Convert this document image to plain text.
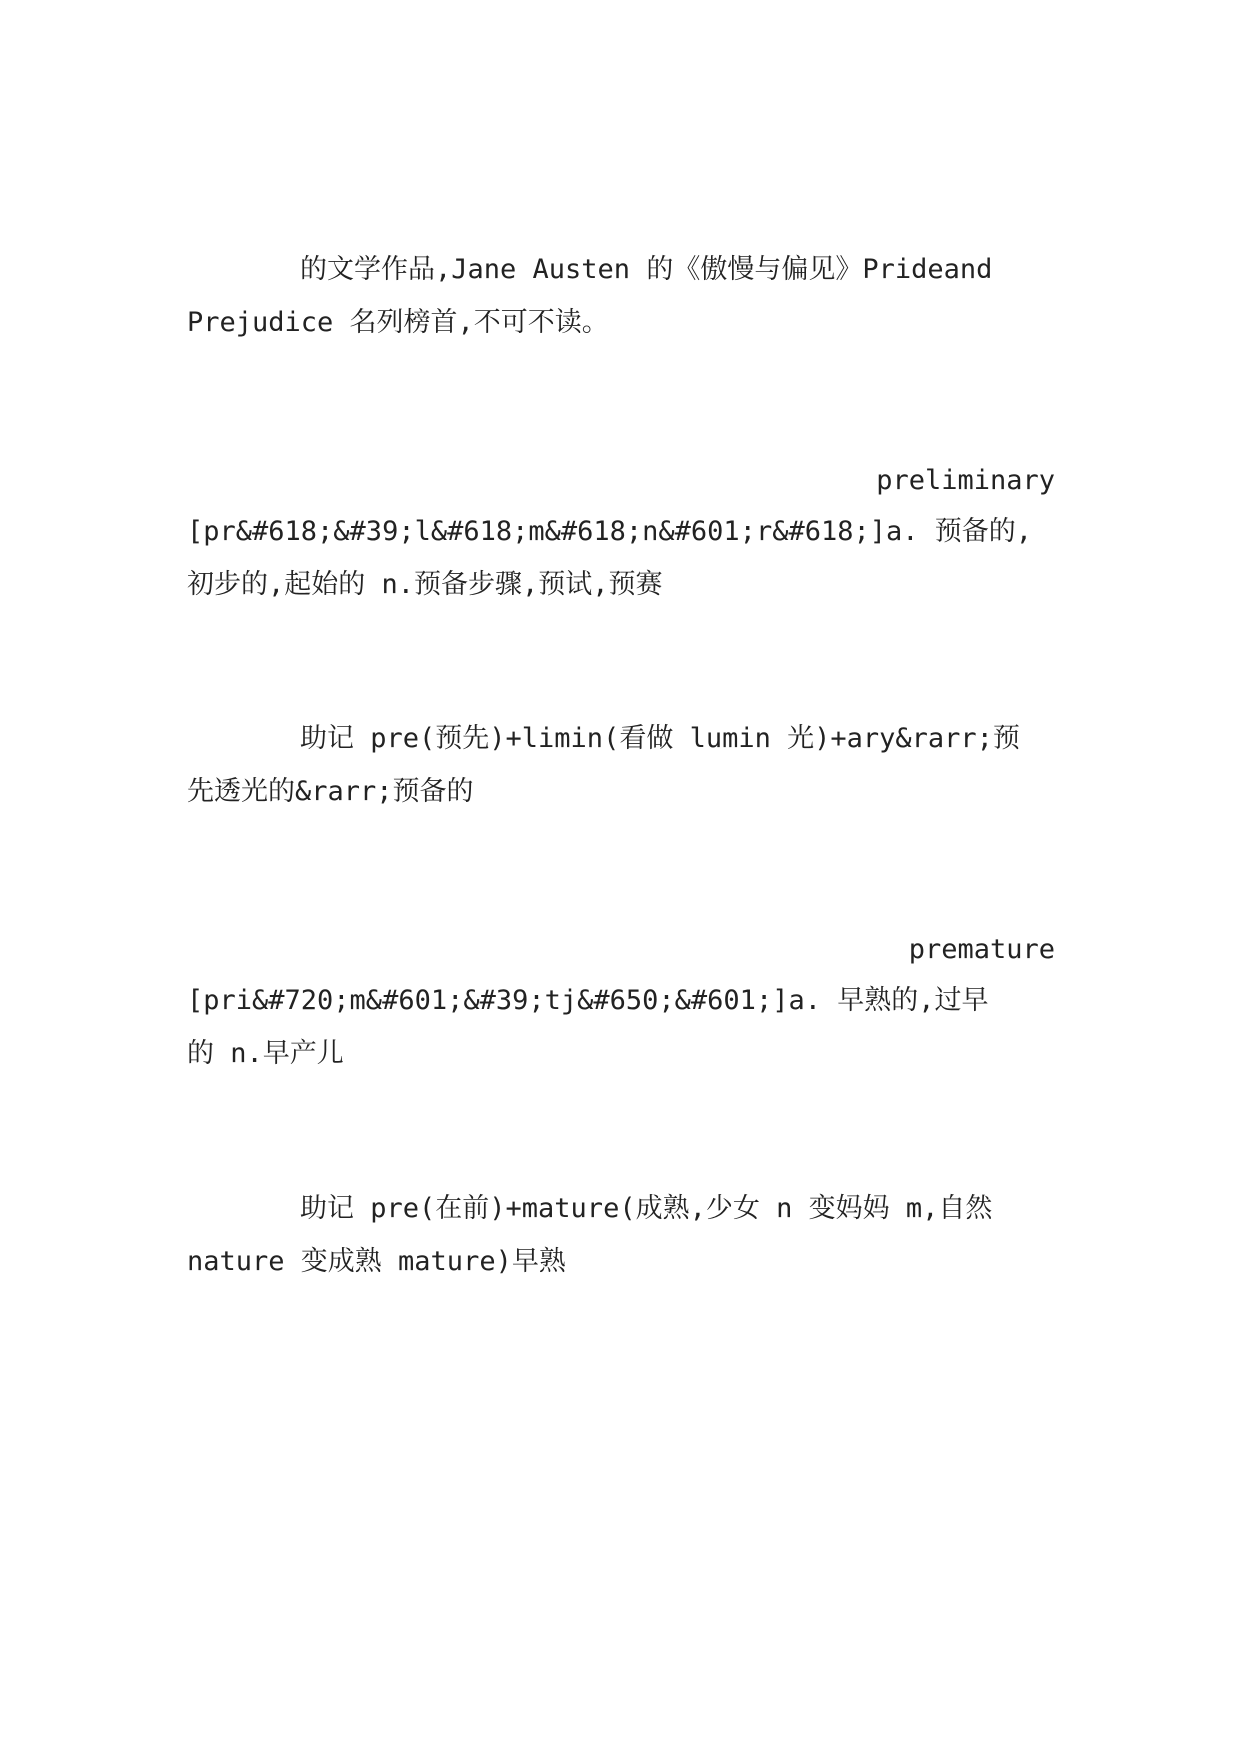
的文学作品,Jane Austen 的《傲慢与偏见》Prideand
Prejudice 名列榜首,不可不读。
preliminary
[pr&#618;&#39;l&#618;m&#618;n&#601;r&#618;]a. 预备的,
初步的,起始的 n.预备步骤,预试,预赛
助记 pre(预先)+limin(看做 lumin 光)+ary&rarr;预
先透光的&rarr;预备的
premature
[pri&#720;m&#601;&#39;tj&#650;&#601;]a. 早熟的,过早
的 n.早产儿
助记 pre(在前)+mature(成熟,少女 n 变妈妈 m,自然
nature 变成熟 mature)早熟
